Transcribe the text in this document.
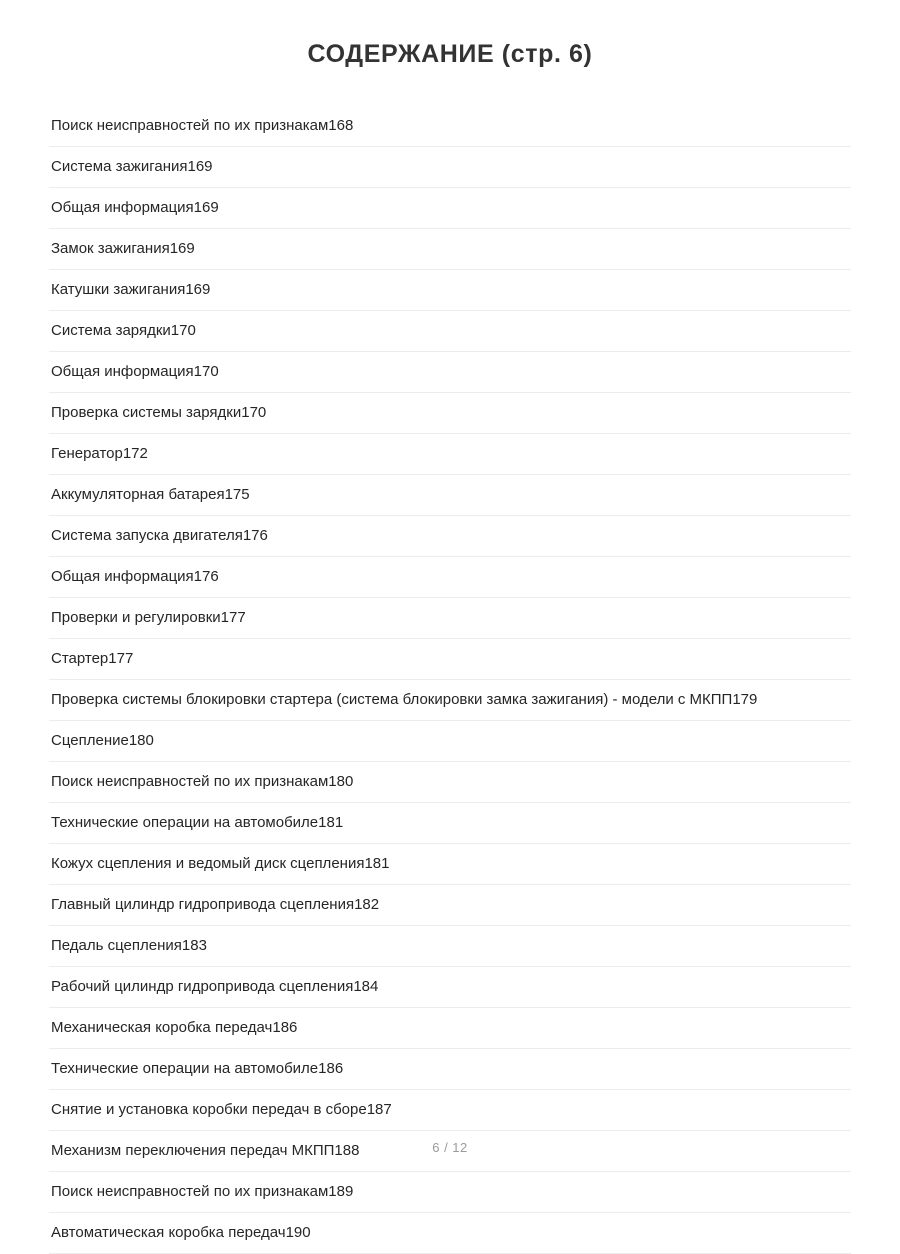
СОДЕРЖАНИЕ (стр. 6)
Поиск неисправностей по их признакам168
Система зажигания169
Общая информация169
Замок зажигания169
Катушки зажигания169
Система зарядки170
Общая информация170
Проверка системы зарядки170
Генератор172
Аккумуляторная батарея175
Система запуска двигателя176
Общая информация176
Проверки и регулировки177
Стартер177
Проверка системы блокировки стартера (система блокировки замка зажигания) - модели с МКПП179
Сцепление180
Поиск неисправностей по их признакам180
Технические операции на автомобиле181
Кожух сцепления и ведомый диск сцепления181
Главный цилиндр гидропривода сцепления182
Педаль сцепления183
Рабочий цилиндр гидропривода сцепления184
Механическая коробка передач186
Технические операции на автомобиле186
Снятие и установка коробки передач в сборе187
Механизм переключения передач МКПП188
Поиск неисправностей по их признакам189
Автоматическая коробка передач190
6 / 12
